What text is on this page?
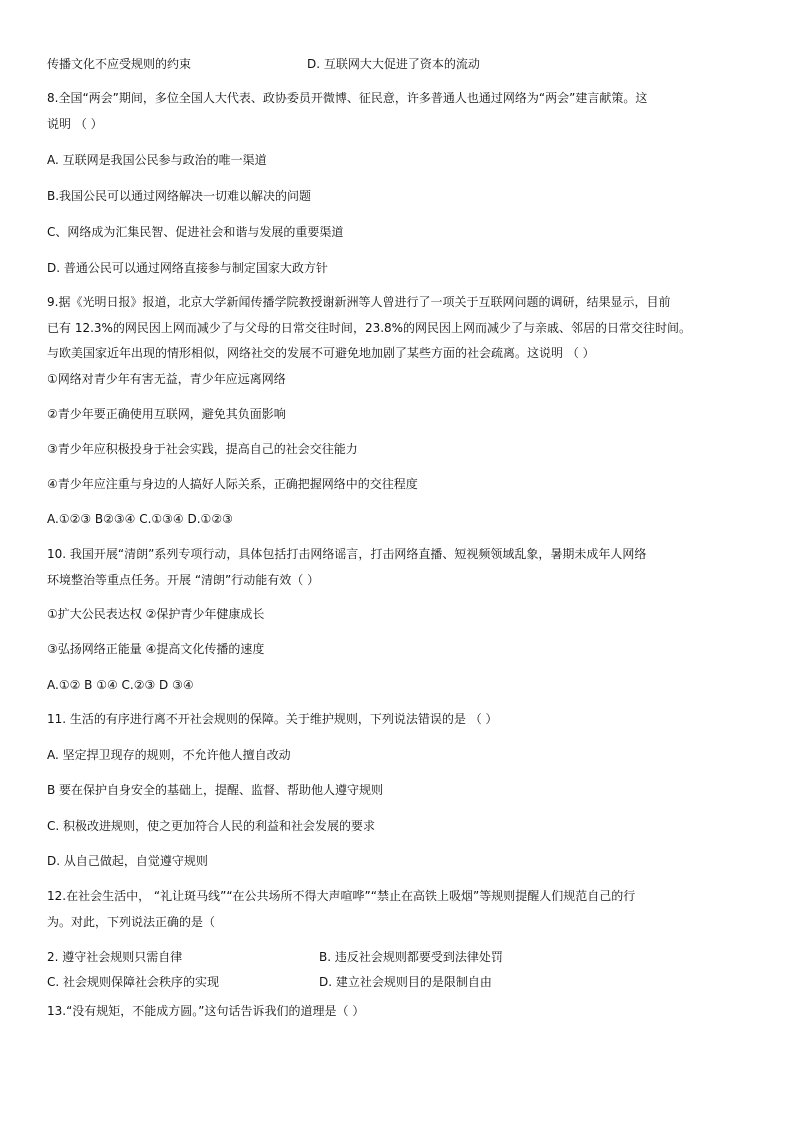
传播文化不应受规则的约束	D. 互联网大大促进了资本的流动
8.全国“两会”期间，多位全国人大代表、政协委员开微博、征民意，许多普通人也通过网络为“两会”建言献策。这
说明 （ ）
A. 互联网是我国公民参与政治的唯一渠道
B.我国公民可以通过网络解决一切难以解决的问题
C、网络成为汇集民智、促进社会和谐与发展的重要渠道
D. 普通公民可以通过网络直接参与制定国家大政方针
9.据《光明日报》报道，北京大学新闻传播学院教授谢新洲等人曾进行了一项关于互联网问题的调研，结果显示，目前
已有 12.3%的网民因上网而减少了与父母的日常交往时间，23.8%的网民因上网而减少了与亲戚、邻居的日常交往时间。
与欧美国家近年出现的情形相似，网络社交的发展不可避免地加剧了某些方面的社会疏离。这说明 （ ）
①网络对青少年有害无益，青少年应远离网络
②青少年要正确使用互联网，避免其负面影响
③青少年应积极投身于社会实践，提高自己的社会交往能力
④青少年应注重与身边的人搞好人际关系，正确把握网络中的交往程度
A.①②③ B②③④ C.①③④ D.①②③
10. 我国开展“清朗”系列专项行动，具体包括打击网络谣言，打击网络直播、短视频领域乱象，暑期未成年人网络
环境整治等重点任务。开展 “清朗”行动能有效（ ）
①扩大公民表达权 ②保护青少年健康成长
③弘扬网络正能量 ④提高文化传播的速度
A.①② B ①④ C.②③ D ③④
11. 生活的有序进行离不开社会规则的保障。关于维护规则，下列说法错误的是 （ ）
A. 坚定捍卫现存的规则，不允许他人擅自改动
B 要在保护自身安全的基础上，提醒、监督、帮助他人遵守规则
C. 积极改进规则，使之更加符合人民的利益和社会发展的要求
D. 从自己做起，自觉遵守规则
12.在社会生活中， “礼让斑马线”“在公共场所不得大声喧哗”“禁止在高铁上吸烟”等规则提醒人们规范自己的行
为。对此，下列说法正确的是（
2. 遵守社会规则只需自律	B. 违反社会规则都要受到法律处罚
C. 社会规则保障社会秩序的实现	D. 建立社会规则目的是限制自由
13.“没有规矩，不能成方圆。”这句话告诉我们的道理是（ ）
